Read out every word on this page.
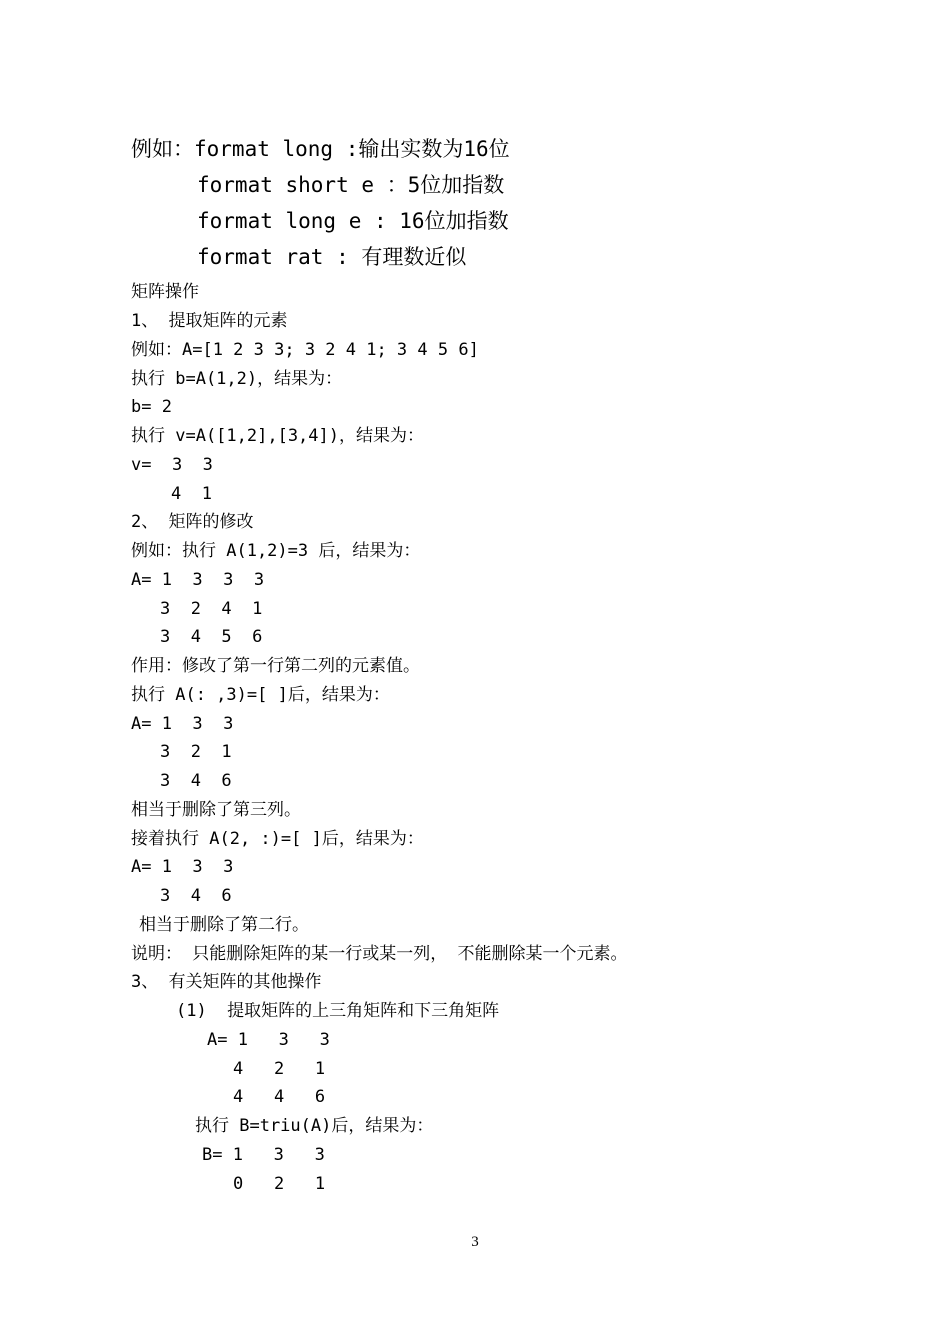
例如：format long :输出实数为16位
format short e ：5位加指数
format long e : 16位加指数
format rat : 有理数近似
矩阵操作
1、 提取矩阵的元素
例如：A=[1 2 3 3; 3 2 4 1; 3 4 5 6]
执行 b=A(1,2)，结果为：
b= 2
执行 v=A([1,2],[3,4])，结果为：
v=  3  3
4  1
2、 矩阵的修改
例如：执行 A(1,2)=3 后，结果为：
A= 1  3  3  3
3  2  4  1
3  4  5  6
作用：修改了第一行第二列的元素值。
执行 A(: ,3)=[ ]后，结果为：
A= 1  3  3
3  2  1
3  4  6
相当于删除了第三列。
接着执行 A(2, :)=[ ]后，结果为：
A= 1  3  3
3  4  6
相当于删除了第二行。
说明： 只能删除矩阵的某一行或某一列， 不能删除某一个元素。
3、 有关矩阵的其他操作
(1)  提取矩阵的上三角矩阵和下三角矩阵
A= 1   3   3
4   2   1
4   4   6
执行 B=triu(A)后，结果为：
B= 1   3   3
0   2   1
3
